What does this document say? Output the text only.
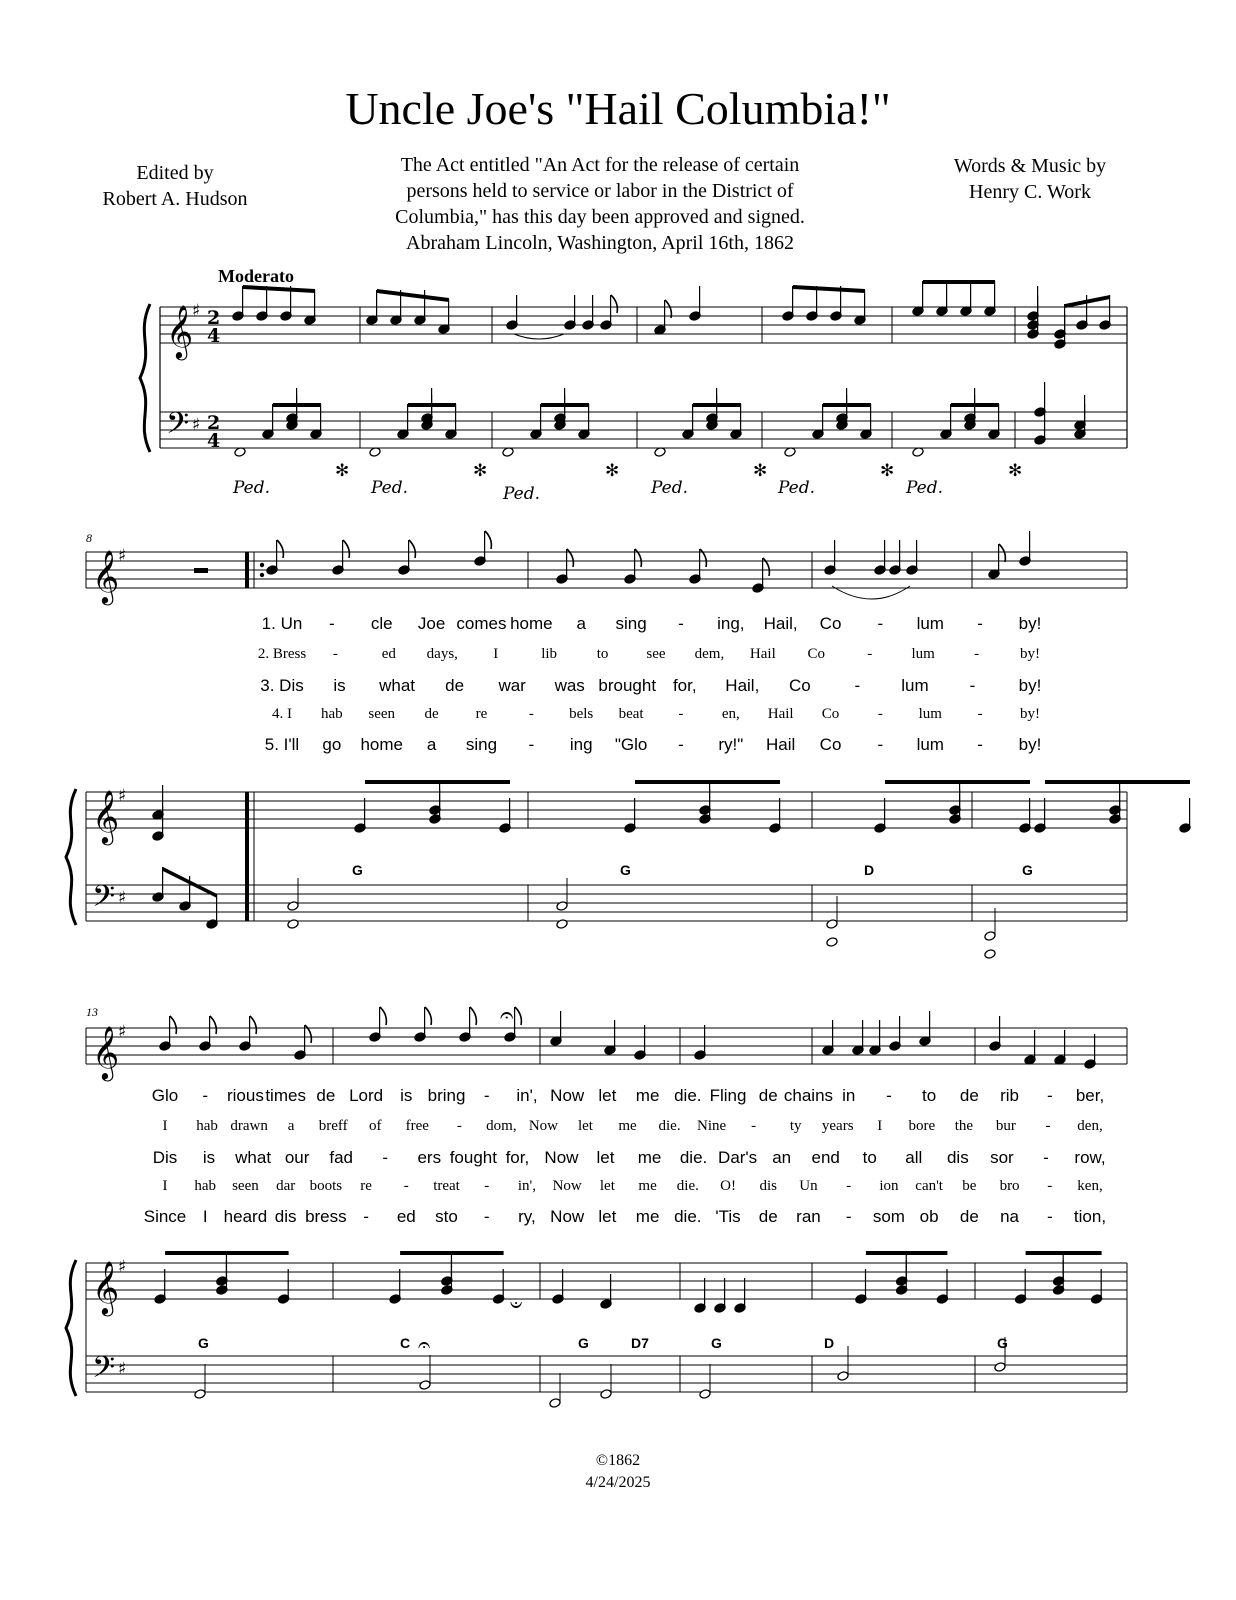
Uncle Joe's "Hail Columbia!"
Edited by
Robert A. Hudson
The Act entitled "An Act for the release of certain
persons held to service or labor in the District of
Columbia," has this day been approved and signed.
Abraham Lincoln, Washington, April 16th, 1862
Words & Music by
Henry C. Work
Moderato
𝄞
𝄢
♯
♯
2
4
2
4
𝄞
♯
𝄞
𝄢
♯
♯
𝄞
♯
𝄐
𝄞
𝄢
♯
♯
𝄑
𝄐
8
13
1. Un - cle Joe comes home a sing - ing, Hail, Co - lum - by!
2. Bress -	ed days, I	lib	to	see dem, Hail Co	-	lum	-	by!
3. Dis is what de war was brought for, Hail, Co	- lum -	by!
4. I hab seen de re	- bels beat -	en, Hail Co	- lum - by!
5. I'll go home a sing - ing "Glo - ry!" Hail Co - lum - by!
Glo - rious times de Lord is bring - in', Now let me die. Fling de chains in - to de rib - ber,
I hab drawn a breff of free - dom, Now let me die. Nine - ty years I bore the bur - den,
Dis is what our fad - ers fought for, Now let me die. Dar's an end to all dis sor - row,
I hab seen dar boots re - treat - in', Now let me die. O! dis Un - ion can't be bro - ken,
Since I heard dis bress - ed sto - ry, Now let me die. 'Tis de ran - som ob de na - tion,
G	G	D	G
G	C	G	D7	G	D	G
Ped.
✻
Ped.
✻
Ped.
✻
Ped.
✻
Ped.
✻
Ped.
✻
©1862
4/24/2025
